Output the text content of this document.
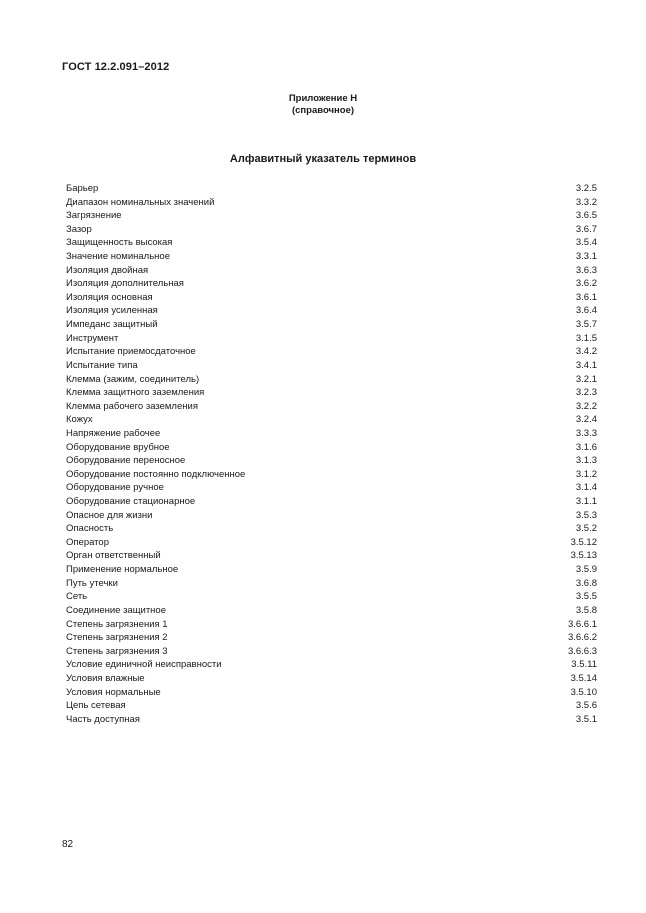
ГОСТ 12.2.091–2012
Приложение Н
(справочное)
Алфавитный указатель терминов
Барьер	3.2.5
Диапазон номинальных значений	3.3.2
Загрязнение	3.6.5
Зазор	3.6.7
Защищенность высокая	3.5.4
Значение номинальное	3.3.1
Изоляция двойная	3.6.3
Изоляция дополнительная	3.6.2
Изоляция основная	3.6.1
Изоляция усиленная	3.6.4
Импеданс защитный	3.5.7
Инструмент	3.1.5
Испытание приемосдаточное	3.4.2
Испытание типа	3.4.1
Клемма (зажим, соединитель)	3.2.1
Клемма защитного заземления	3.2.3
Клемма рабочего заземления	3.2.2
Кожух	3.2.4
Напряжение рабочее	3.3.3
Оборудование врубное	3.1.6
Оборудование переносное	3.1.3
Оборудование постоянно подключенное	3.1.2
Оборудование ручное	3.1.4
Оборудование стационарное	3.1.1
Опасное для жизни	3.5.3
Опасность	3.5.2
Оператор	3.5.12
Орган ответственный	3.5.13
Применение нормальное	3.5.9
Путь утечки	3.6.8
Сеть	3.5.5
Соединение защитное	3.5.8
Степень загрязнения 1	3.6.6.1
Степень загрязнения 2	3.6.6.2
Степень загрязнения 3	3.6.6.3
Условие единичной неисправности	3.5.11
Условия влажные	3.5.14
Условия нормальные	3.5.10
Цепь сетевая	3.5.6
Часть доступная	3.5.1
82
